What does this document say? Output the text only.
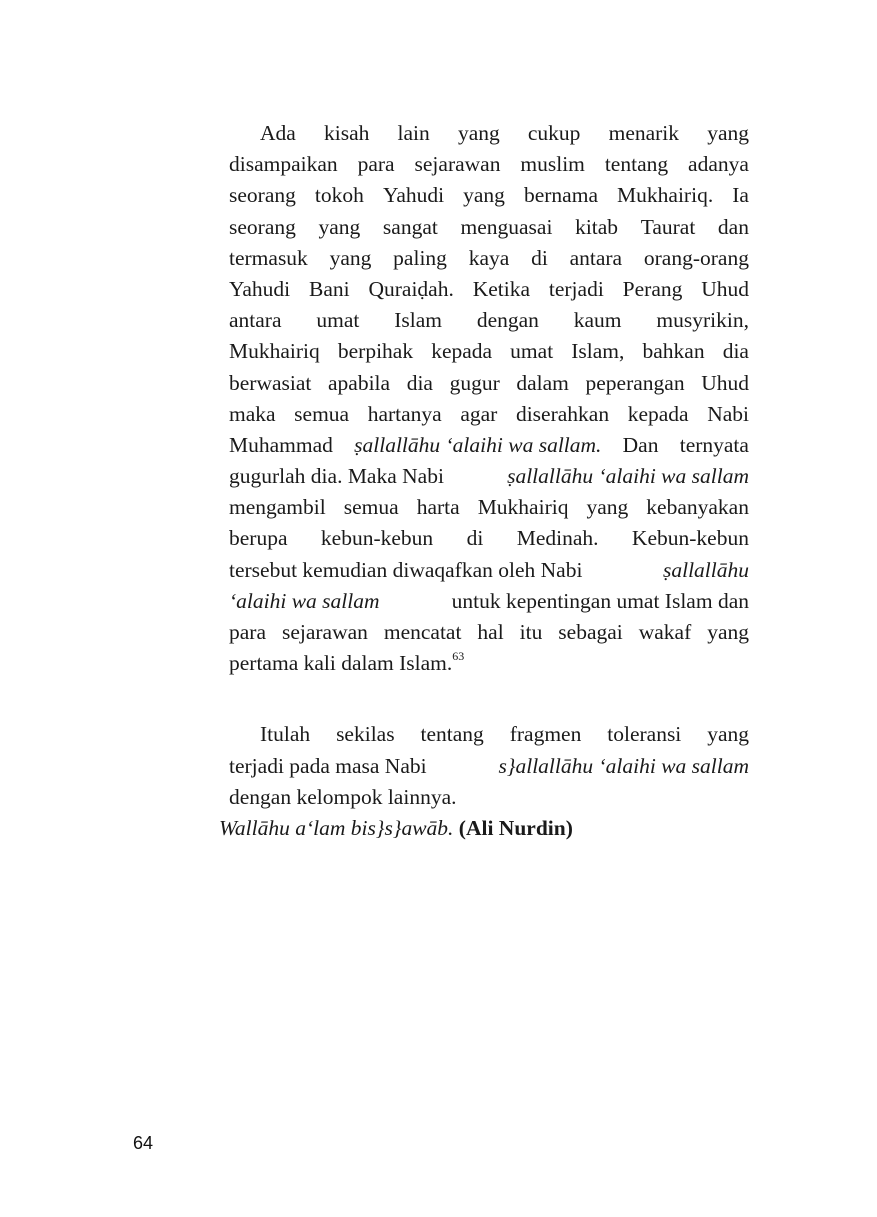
Ada kisah lain yang cukup menarik yang
disampaikan para sejarawan muslim tentang adanya
seorang tokoh Yahudi yang bernama Mukhairiq. Ia
seorang yang sangat menguasai kitab Taurat dan
termasuk yang paling kaya di antara orang-orang
Yahudi Bani Quraiḍah. Ketika terjadi Perang Uhud
antara umat Islam dengan kaum musyrikin,
Mukhairiq berpihak kepada umat Islam, bahkan dia
berwasiat apabila dia gugur dalam peperangan Uhud
maka semua hartanya agar diserahkan kepada Nabi
Muhammad ṣallallāhu ‘alaihi wa sallam. Dan ternyata
gugurlah dia. Maka Nabi	ṣallallāhu ‘alaihi wa sallam
mengambil semua harta Mukhairiq yang kebanyakan
berupa kebun-kebun di Medinah. Kebun-kebun
tersebut kemudian diwaqafkan oleh Nabi	ṣallallāhu
‘alaihi wa sallam	untuk kepentingan umat Islam dan
para sejarawan mencatat hal itu sebagai wakaf yang
pertama kali dalam Islam.$^{63}$
Itulah sekilas tentang fragmen toleransi yang
terjadi pada masa Nabi	s}allallāhu ‘alaihi wa sallam
dengan kelompok lainnya.
Wallāhu a‘lam bis}s}awāb. (Ali Nurdin)
64
